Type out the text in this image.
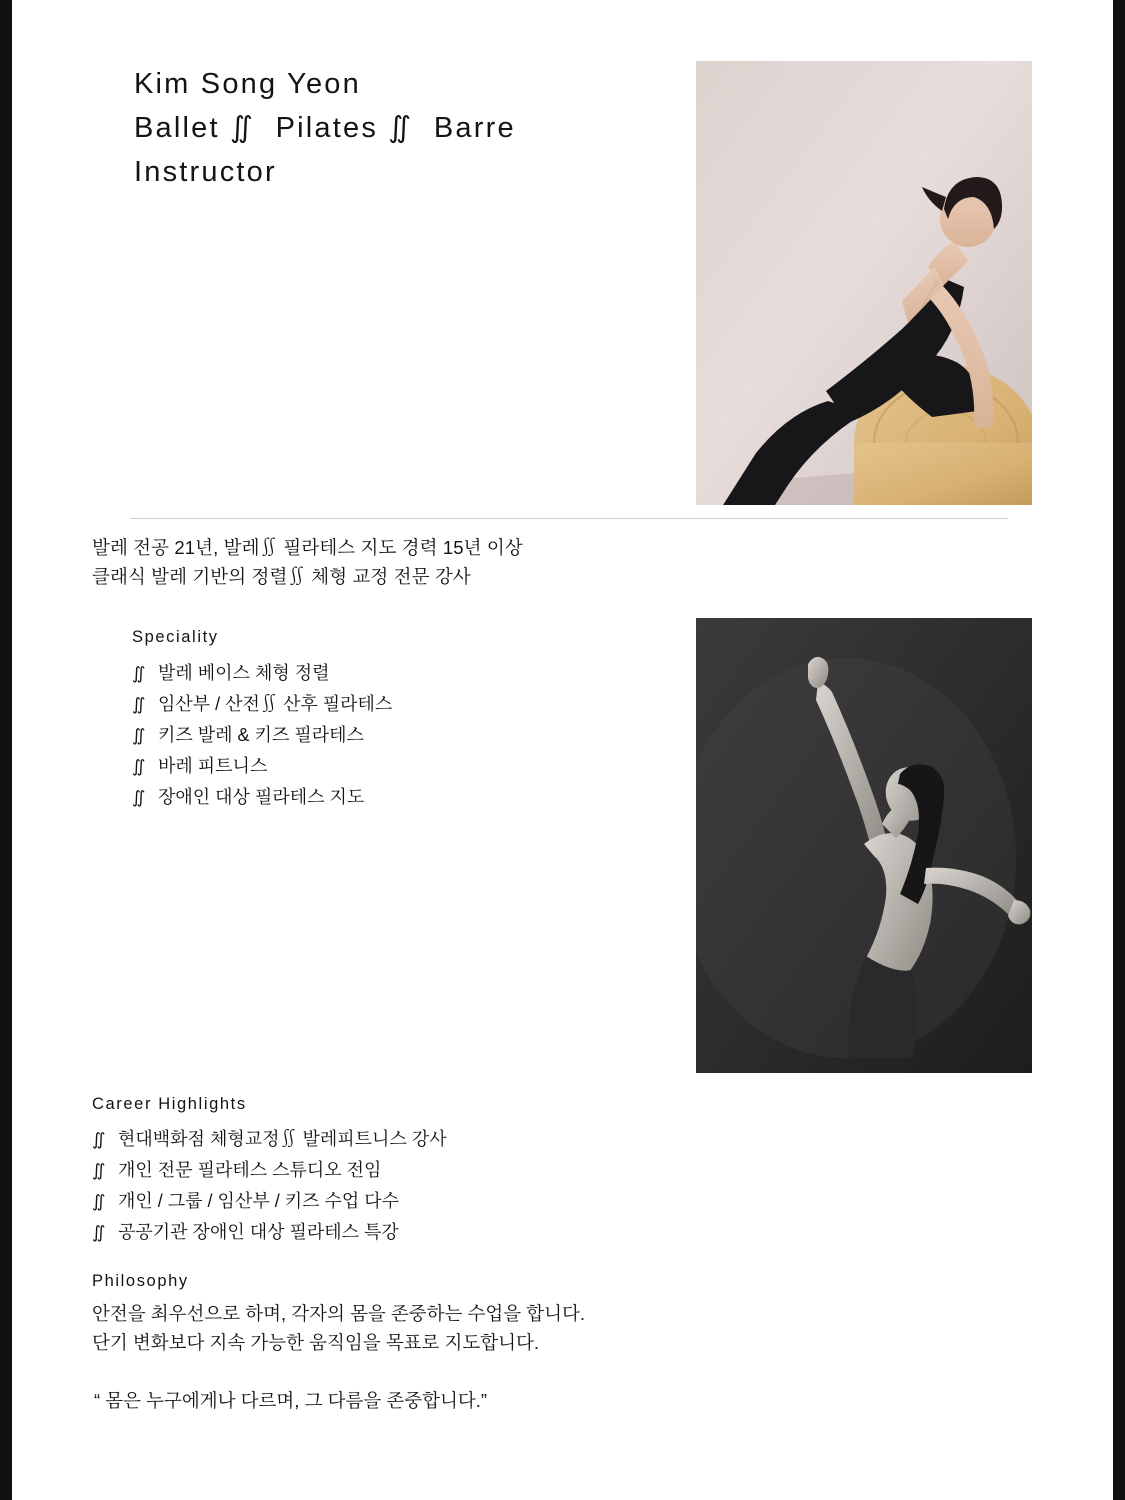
Kim Song Yeon
Ballet ∬  Pilates ∬  Barre
Instructor
발레 전공 21년, 발레∬ 필라테스 지도 경력 15년 이상
클래식 발레 기반의 정렬∬ 체형 교정 전문 강사
Speciality
∬ 발레 베이스 체형 정렬
∬ 임산부 / 산전∬ 산후 필라테스
∬ 키즈 발레 & 키즈 필라테스
∬ 바레 피트니스
∬ 장애인 대상 필라테스 지도
Career Highlights
∬ 현대백화점 체형교정∬ 발레피트니스 강사
∬ 개인 전문 필라테스 스튜디오 전임
∬ 개인 / 그룹 / 임산부 / 키즈 수업 다수
∬ 공공기관 장애인 대상 필라테스 특강
Philosophy
안전을 최우선으로 하며, 각자의 몸을 존중하는 수업을 합니다.
단기 변화보다 지속 가능한 움직임을 목표로 지도합니다.
“ 몸은 누구에게나 다르며, 그 다름을 존중합니다.”
